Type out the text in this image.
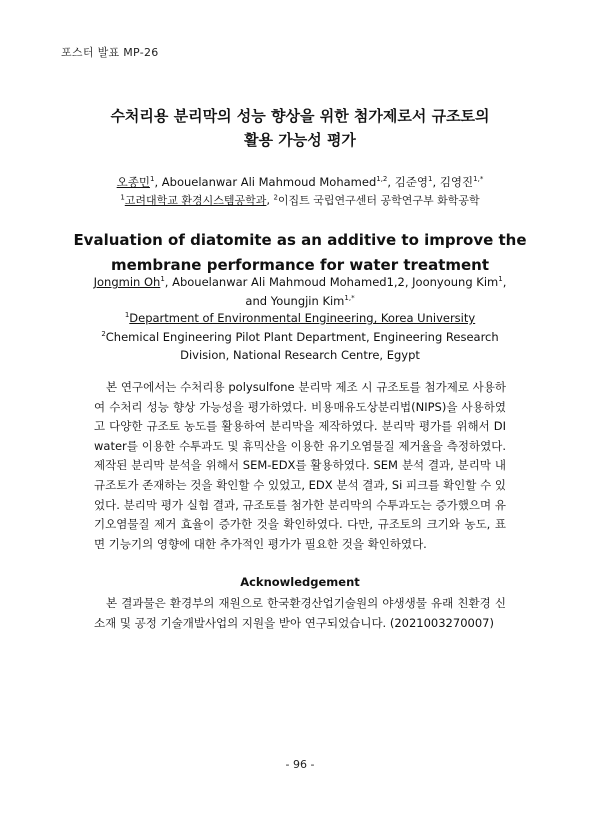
포스터 발표 MP-26
수처리용 분리막의 성능 향상을 위한 첨가제로서 규조토의
활용 가능성 평가
오종민$^1$, Abouelanwar Ali Mahmoud Mohamed$^{1,2}$, 김준영$^1$, 김영진$^{1,*}$
$^1$고려대학교 환경시스템공학과, $^2$이집트 국립연구센터 공학연구부 화학공학
Evaluation of diatomite as an additive to improve the
membrane performance for water treatment
Jongmin Oh$^1$, Abouelanwar Ali Mahmoud Mohamed1,2, Joonyoung Kim$^1$, and Youngjin Kim$^{1,*}$
$^1$Department of Environmental Engineering, Korea University
$^2$Chemical Engineering Pilot Plant Department, Engineering Research Division, National Research Centre, Egypt
본 연구에서는 수처리용 polysulfone 분리막 제조 시 규조토를 첨가제로 사용하여 수처리 성능 향상 가능성을 평가하였다. 비용매유도상분리법(NIPS)을 사용하였고 다양한 규조토 농도를 활용하여 분리막을 제작하였다. 분리막 평가를 위해서 DI water를 이용한 수투과도 및 휴믹산을 이용한 유기오염물질 제거율을 측정하였다. 제작된 분리막 분석을 위해서 SEM-EDX를 활용하였다. SEM 분석 결과, 분리막 내 규조토가 존재하는 것을 확인할 수 있었고, EDX 분석 결과, Si 피크를 확인할 수 있었다. 분리막 평가 실험 결과, 규조토를 첨가한 분리막의 수투과도는 증가했으며 유기오염물질 제거 효율이 증가한 것을 확인하였다. 다만, 규조토의 크기와 농도, 표면 기능기의 영향에 대한 추가적인 평가가 필요한 것을 확인하였다.
Acknowledgement
본 결과물은 환경부의 재원으로 한국환경산업기술원의 야생생물 유래 친환경 신소재 및 공정 기술개발사업의 지원을 받아 연구되었습니다. (2021003270007)
- 96 -
